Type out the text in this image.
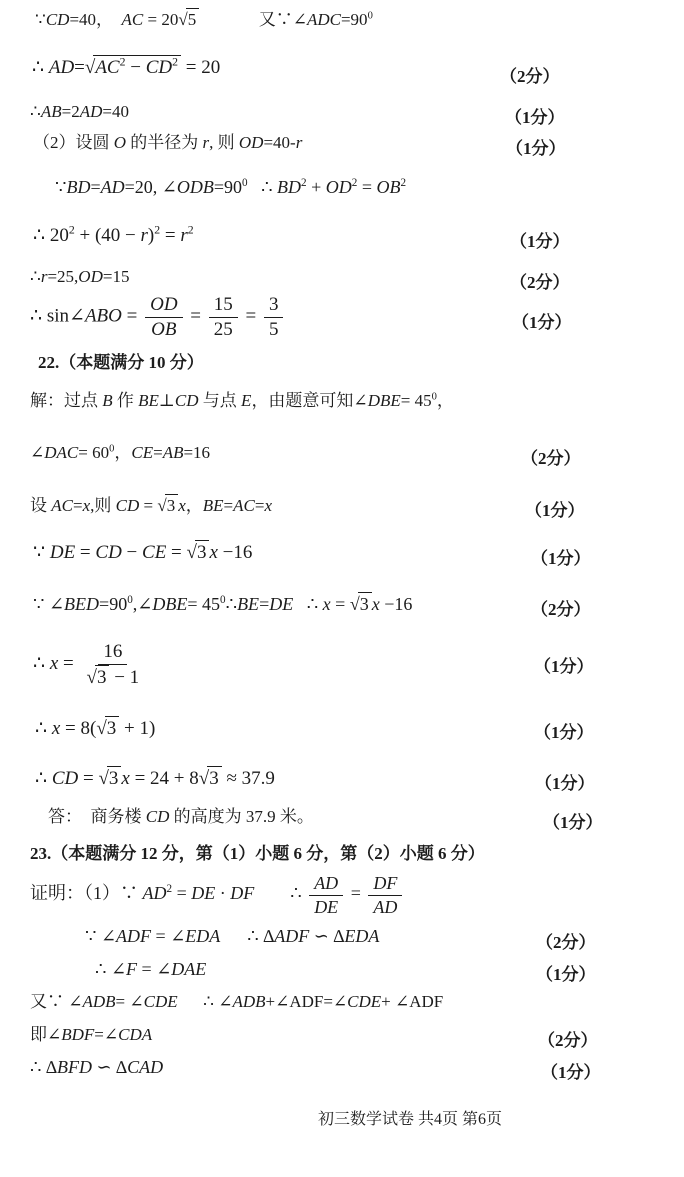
∵CD=40，  AC = 20√5	又$\because\angle ADC=90^0$
∴ $AD=√AC^2 - CD^2 = 20$
∴AB=2AD=40
（2）设圆 O 的半径为 r, 则 OD=40-r
∵BD=AD=20, $\angle ODB=90^0$   ∴ $BD^2 + OD^2 = OB^2$
∴ $20^2 + (40 - r)^2 = r^2$
∴r=25,OD=15
∴ sin∠ABO = $\frac{OD}{OB} = \frac{15}{25} = \frac{3}{5}$
22.（本题满分 10 分）
解：过点 B 作 BE⊥CD 与点 E，由题意可知∠DBE= $45^0$，
∠DAC= $60^0$，CE=AB=16
设 AC=x,则 CD = √3 x，BE=AC=x
∵ DE = CD − CE = √3 x −16
∵ $\angle BED=90^0,\angle DBE=$ $45^0\therefore BE=DE$   ∴ x = √3 x −16
∴ $x = \frac{16}{√3 - 1}$
∴ x = 8(√3 + 1)
∴ CD = √3 x = 24 + 8√3 ≈ 37.9
答：  商务楼 CD 的高度为 37.9 米。
23.（本题满分 12 分，第（1）小题 6 分，第（2）小题 6 分）
证明：（1）∵ $AD^2$ = DE · DF        ∴ $\frac{AD}{DE} = \frac{DF}{AD}$
∵ ∠ADF = ∠EDA      ∴ ∆ADF ∽ ∆EDA
∴ ∠F = ∠DAE
又∵ ∠ADB= ∠CDE      ∴ ∠ADB+∠ADF=∠CDE+ ∠ADF
即∠BDF=∠CDA
∴ ∆BFD ∽ ∆CAD
（2分）
（1分）
（1分）
（1分）
（2分）
（1分）
（2分）
（1分）
（1分）
（2分）
（1分）
（1分）
（1分）
（1分）
（2分）
（1分）
（2分）
（1分）
初三数学试卷 共4页 第6页
